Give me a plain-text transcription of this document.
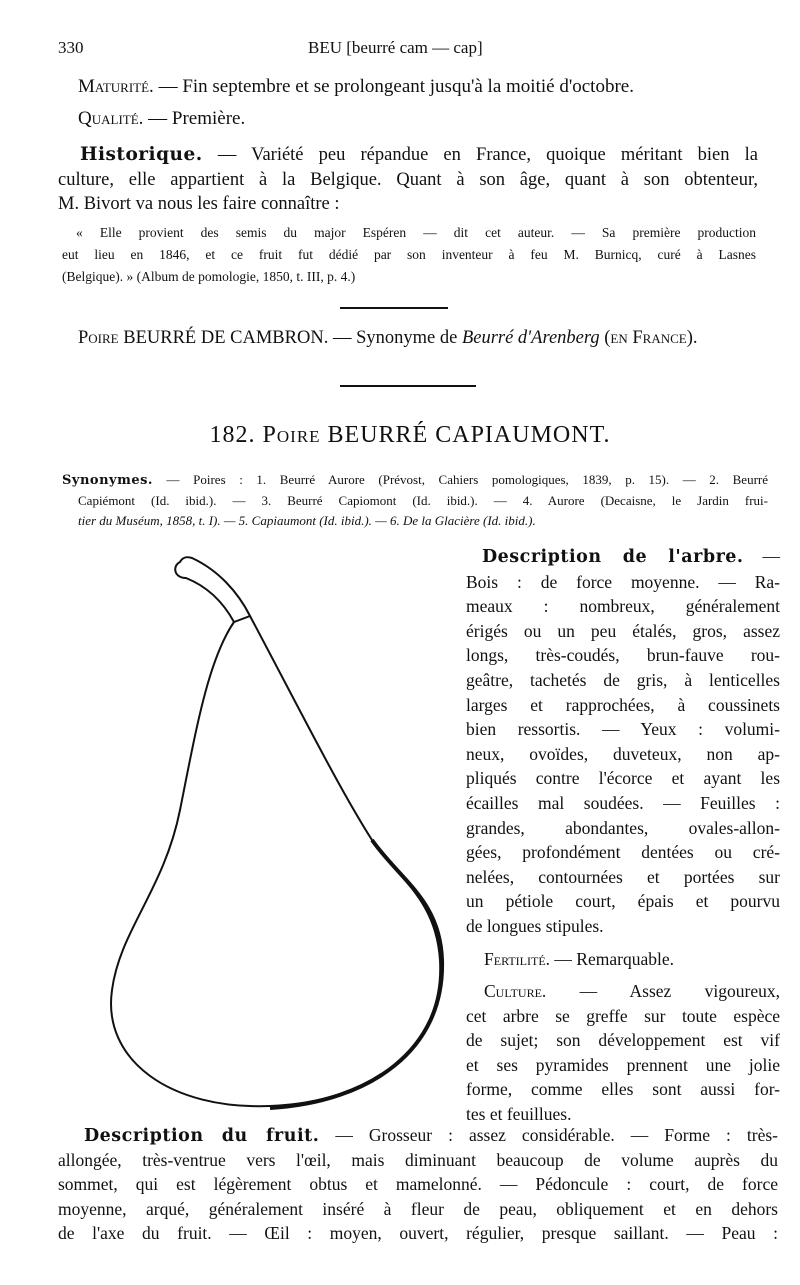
330	BEU [beurré cam — cap]
Maturité. — Fin septembre et se prolongeant jusqu'à la moitié d'octobre.
Qualité. — Première.
Historique. — Variété peu répandue en France, quoique méritant bien la
culture, elle appartient à la Belgique. Quant à son âge, quant à son obtenteur,
M. Bivort va nous les faire connaître :
« Elle provient des semis du major Espéren — dit cet auteur. — Sa première production
eut lieu en 1846, et ce fruit fut dédié par son inventeur à feu M. Burnicq, curé à Lasnes
(Belgique). » (Album de pomologie, 1850, t. III, p. 4.)
Poire BEURRÉ DE CAMBRON. — Synonyme de Beurré d'Arenberg (en France).
182. Poire BEURRÉ CAPIAUMONT.
Synonymes. — Poires : 1. Beurré Aurore (Prévost, Cahiers pomologiques, 1839, p. 15). — 2. Beurré
Capiémont (Id. ibid.). — 3. Beurré Capiomont (Id. ibid.). — 4. Aurore (Decaisne, le Jardin frui-
tier du Muséum, 1858, t. I). — 5. Capiaumont (Id. ibid.). — 6. De la Glacière (Id. ibid.).
Description de l'arbre. —
Bois : de force moyenne. — Ra-
meaux : nombreux, généralement
érigés ou un peu étalés, gros, assez
longs, très-coudés, brun-fauve rou-
geâtre, tachetés de gris, à lenticelles
larges et rapprochées, à coussinets
bien ressortis. — Yeux : volumi-
neux, ovoïdes, duveteux, non ap-
pliqués contre l'écorce et ayant les
écailles mal soudées. — Feuilles :
grandes, abondantes, ovales-allon-
gées, profondément dentées ou cré-
nelées, contournées et portées sur
un pétiole court, épais et pourvu
de longues stipules.
Fertilité. — Remarquable.
Culture. — Assez vigoureux,
cet arbre se greffe sur toute espèce
de sujet; son développement est vif
et ses pyramides prennent une jolie
forme, comme elles sont aussi for-
tes et feuillues.
Description du fruit. — Grosseur : assez considérable. — Forme : très-
allongée, très-ventrue vers l'œil, mais diminuant beaucoup de volume auprès du
sommet, qui est légèrement obtus et mamelonné. — Pédoncule : court, de force
moyenne, arqué, généralement inséré à fleur de peau, obliquement et en dehors
de l'axe du fruit. — Œil : moyen, ouvert, régulier, presque saillant. — Peau :
